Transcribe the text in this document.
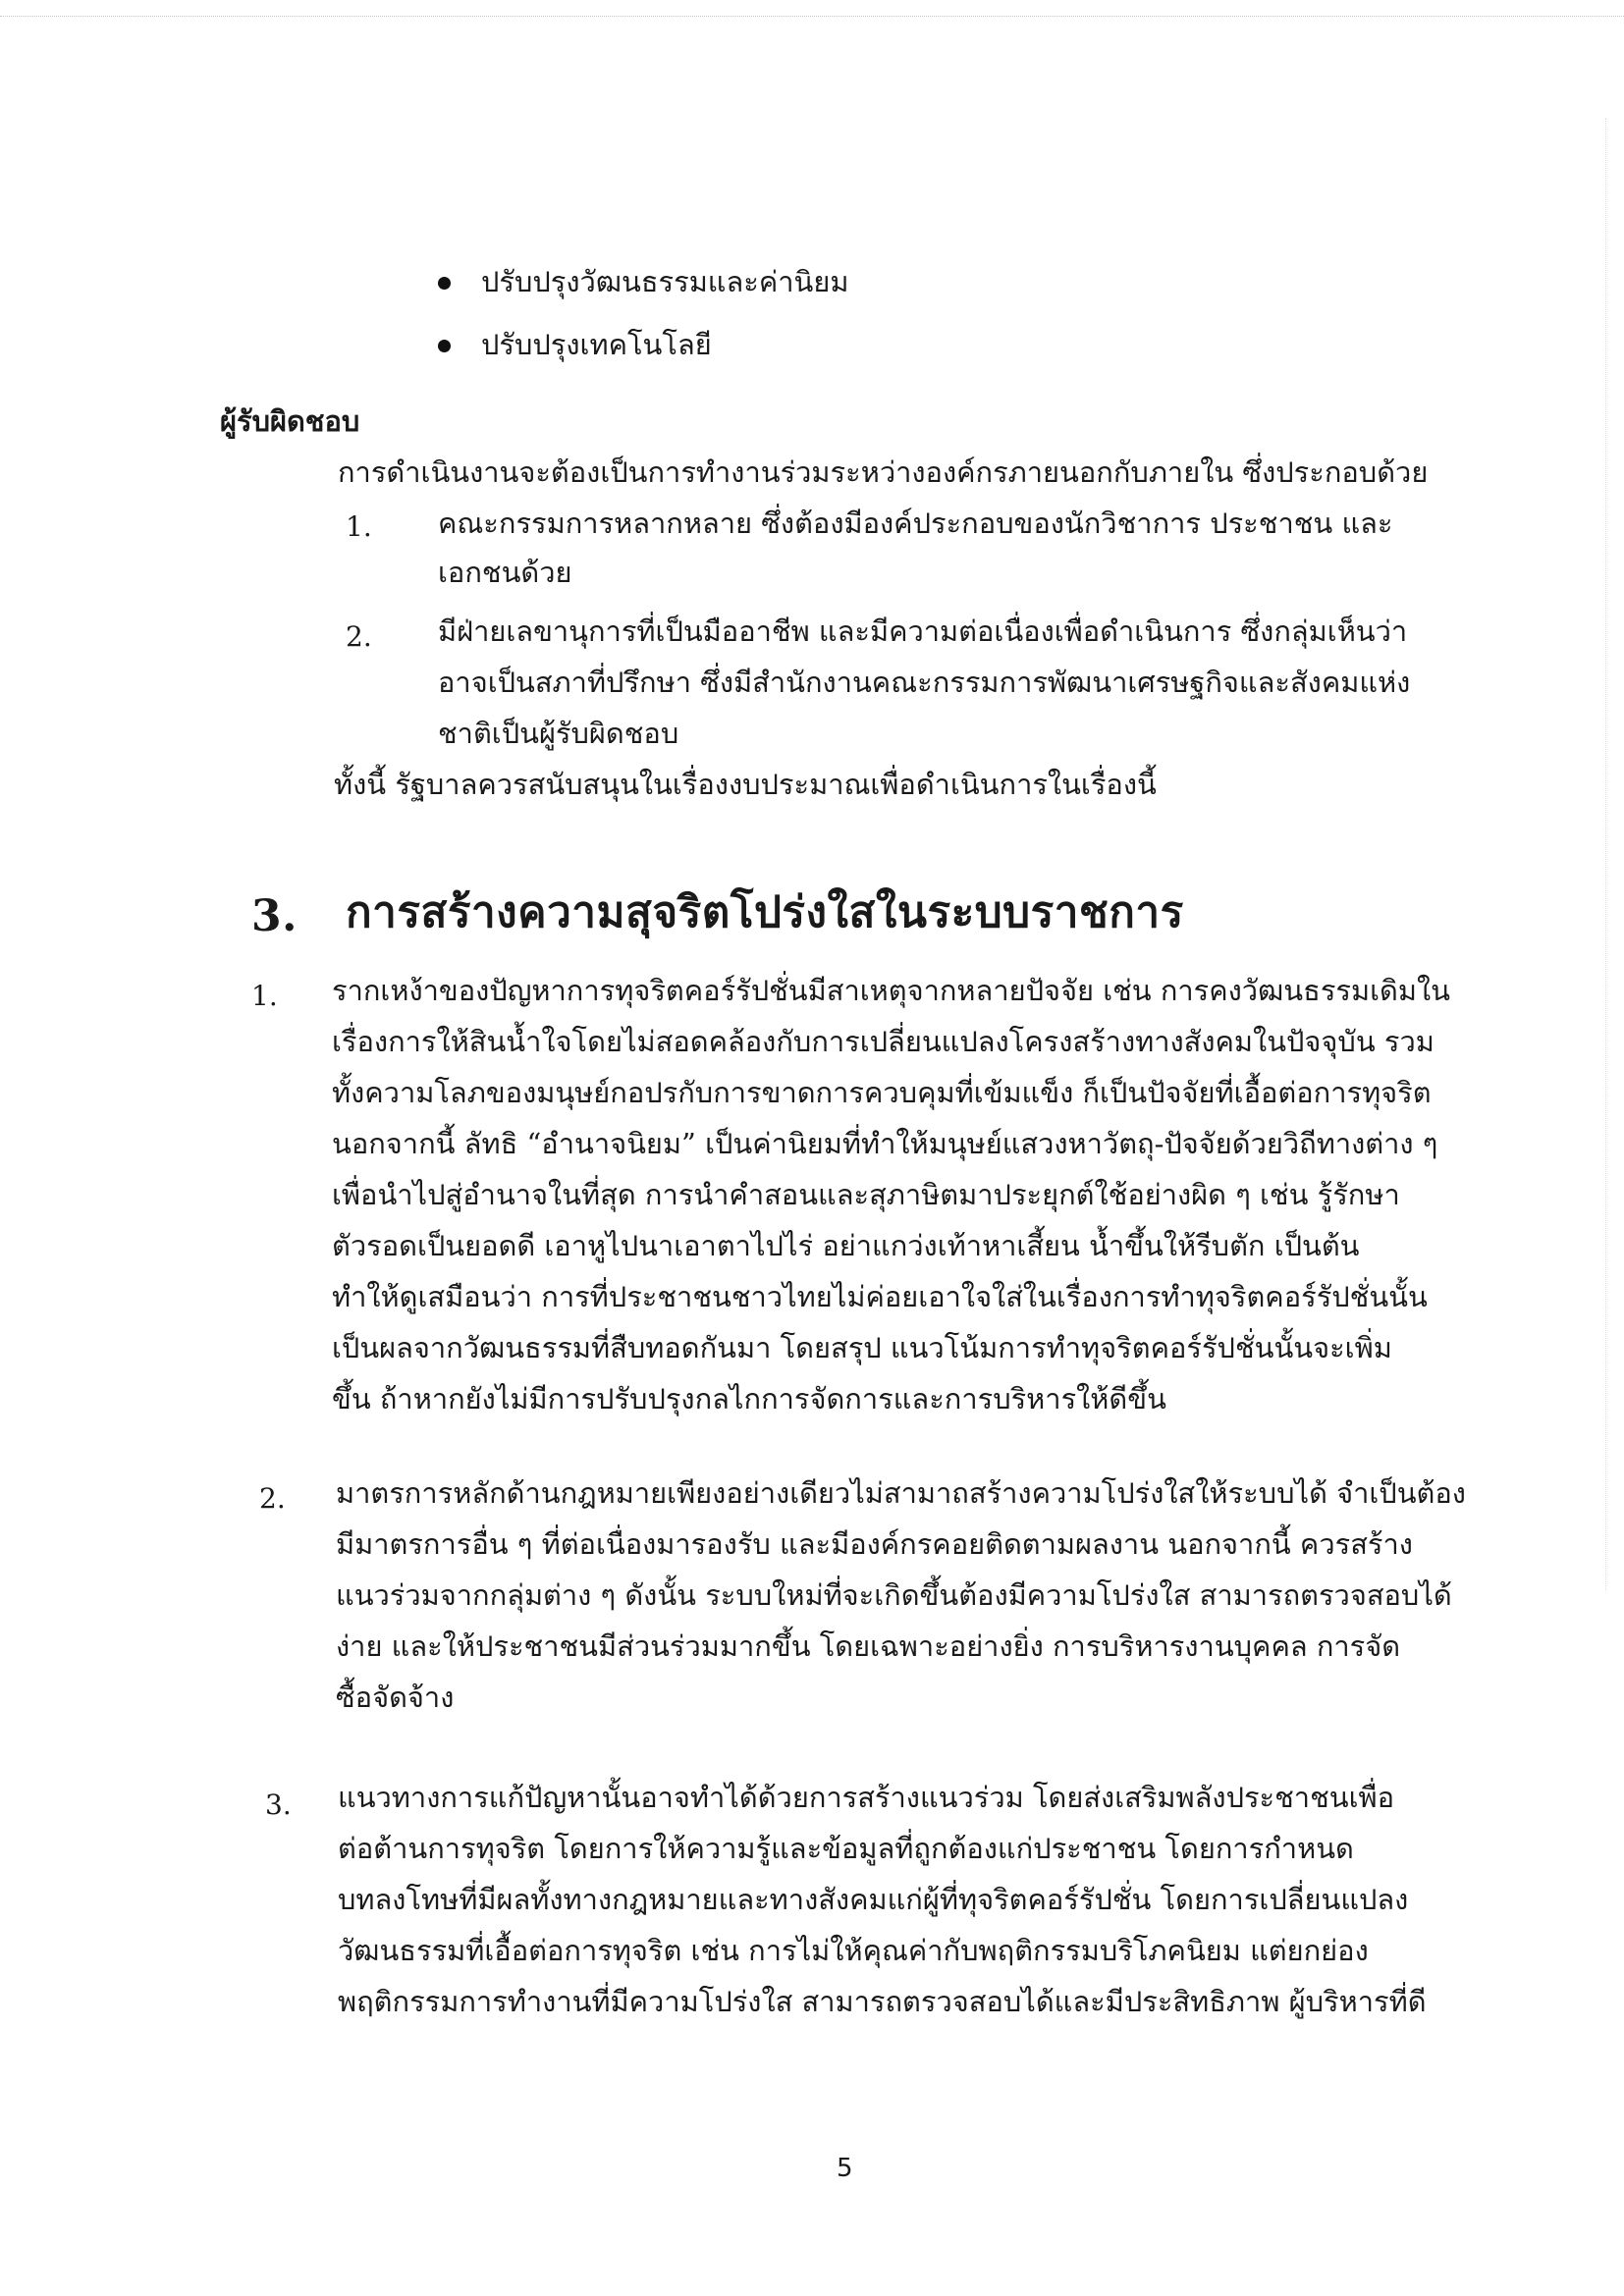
ปรับปรุงวัฒนธรรมและค่านิยม
ปรับปรุงเทคโนโลยี
ผู้รับผิดชอบ
การดำเนินงานจะต้องเป็นการทำงานร่วมระหว่างองค์กรภายนอกกับภายใน ซึ่งประกอบด้วย
1. คณะกรรมการหลากหลาย ซึ่งต้องมีองค์ประกอบของนักวิชาการ ประชาชน และ
เอกชนด้วย
2. มีฝ่ายเลขานุการที่เป็นมืออาชีพ และมีความต่อเนื่องเพื่อดำเนินการ ซึ่งกลุ่มเห็นว่า
อาจเป็นสภาที่ปรึกษา ซึ่งมีสำนักงานคณะกรรมการพัฒนาเศรษฐกิจและสังคมแห่ง
ชาติเป็นผู้รับผิดชอบ
ทั้งนี้ รัฐบาลควรสนับสนุนในเรื่องงบประมาณเพื่อดำเนินการในเรื่องนี้
3. การสร้างความสุจริตโปร่งใสในระบบราชการ
1. รากเหง้าของปัญหาการทุจริตคอร์รัปชั่นมีสาเหตุจากหลายปัจจัย เช่น การคงวัฒนธรรมเดิมใน
เรื่องการให้สินน้ำใจโดยไม่สอดคล้องกับการเปลี่ยนแปลงโครงสร้างทางสังคมในปัจจุบัน รวม
ทั้งความโลภของมนุษย์กอปรกับการขาดการควบคุมที่เข้มแข็ง ก็เป็นปัจจัยที่เอื้อต่อการทุจริต
นอกจากนี้ ลัทธิ “อำนาจนิยม” เป็นค่านิยมที่ทำให้มนุษย์แสวงหาวัตถุ-ปัจจัยด้วยวิถีทางต่าง ๆ
เพื่อนำไปสู่อำนาจในที่สุด การนำคำสอนและสุภาษิตมาประยุกต์ใช้อย่างผิด ๆ เช่น รู้รักษา
ตัวรอดเป็นยอดดี เอาหูไปนาเอาตาไปไร่ อย่าแกว่งเท้าหาเสี้ยน น้ำขึ้นให้รีบตัก เป็นต้น
ทำให้ดูเสมือนว่า การที่ประชาชนชาวไทยไม่ค่อยเอาใจใส่ในเรื่องการทำทุจริตคอร์รัปชั่นนั้น
เป็นผลจากวัฒนธรรมที่สืบทอดกันมา โดยสรุป แนวโน้มการทำทุจริตคอร์รัปชั่นนั้นจะเพิ่ม
ขึ้น ถ้าหากยังไม่มีการปรับปรุงกลไกการจัดการและการบริหารให้ดีขึ้น
2. มาตรการหลักด้านกฎหมายเพียงอย่างเดียวไม่สามาถสร้างความโปร่งใสให้ระบบได้ จำเป็นต้อง
มีมาตรการอื่น ๆ ที่ต่อเนื่องมารองรับ และมีองค์กรคอยติดตามผลงาน นอกจากนี้ ควรสร้าง
แนวร่วมจากกลุ่มต่าง ๆ ดังนั้น ระบบใหม่ที่จะเกิดขึ้นต้องมีความโปร่งใส สามารถตรวจสอบได้
ง่าย และให้ประชาชนมีส่วนร่วมมากขึ้น โดยเฉพาะอย่างยิ่ง การบริหารงานบุคคล การจัด
ซื้อจัดจ้าง
3. แนวทางการแก้ปัญหานั้นอาจทำได้ด้วยการสร้างแนวร่วม โดยส่งเสริมพลังประชาชนเพื่อ
ต่อต้านการทุจริต โดยการให้ความรู้และข้อมูลที่ถูกต้องแก่ประชาชน โดยการกำหนด
บทลงโทษที่มีผลทั้งทางกฎหมายและทางสังคมแก่ผู้ที่ทุจริตคอร์รัปชั่น โดยการเปลี่ยนแปลง
วัฒนธรรมที่เอื้อต่อการทุจริต เช่น การไม่ให้คุณค่ากับพฤติกรรมบริโภคนิยม แต่ยกย่อง
พฤติกรรมการทำงานที่มีความโปร่งใส สามารถตรวจสอบได้และมีประสิทธิภาพ ผู้บริหารที่ดี
5
